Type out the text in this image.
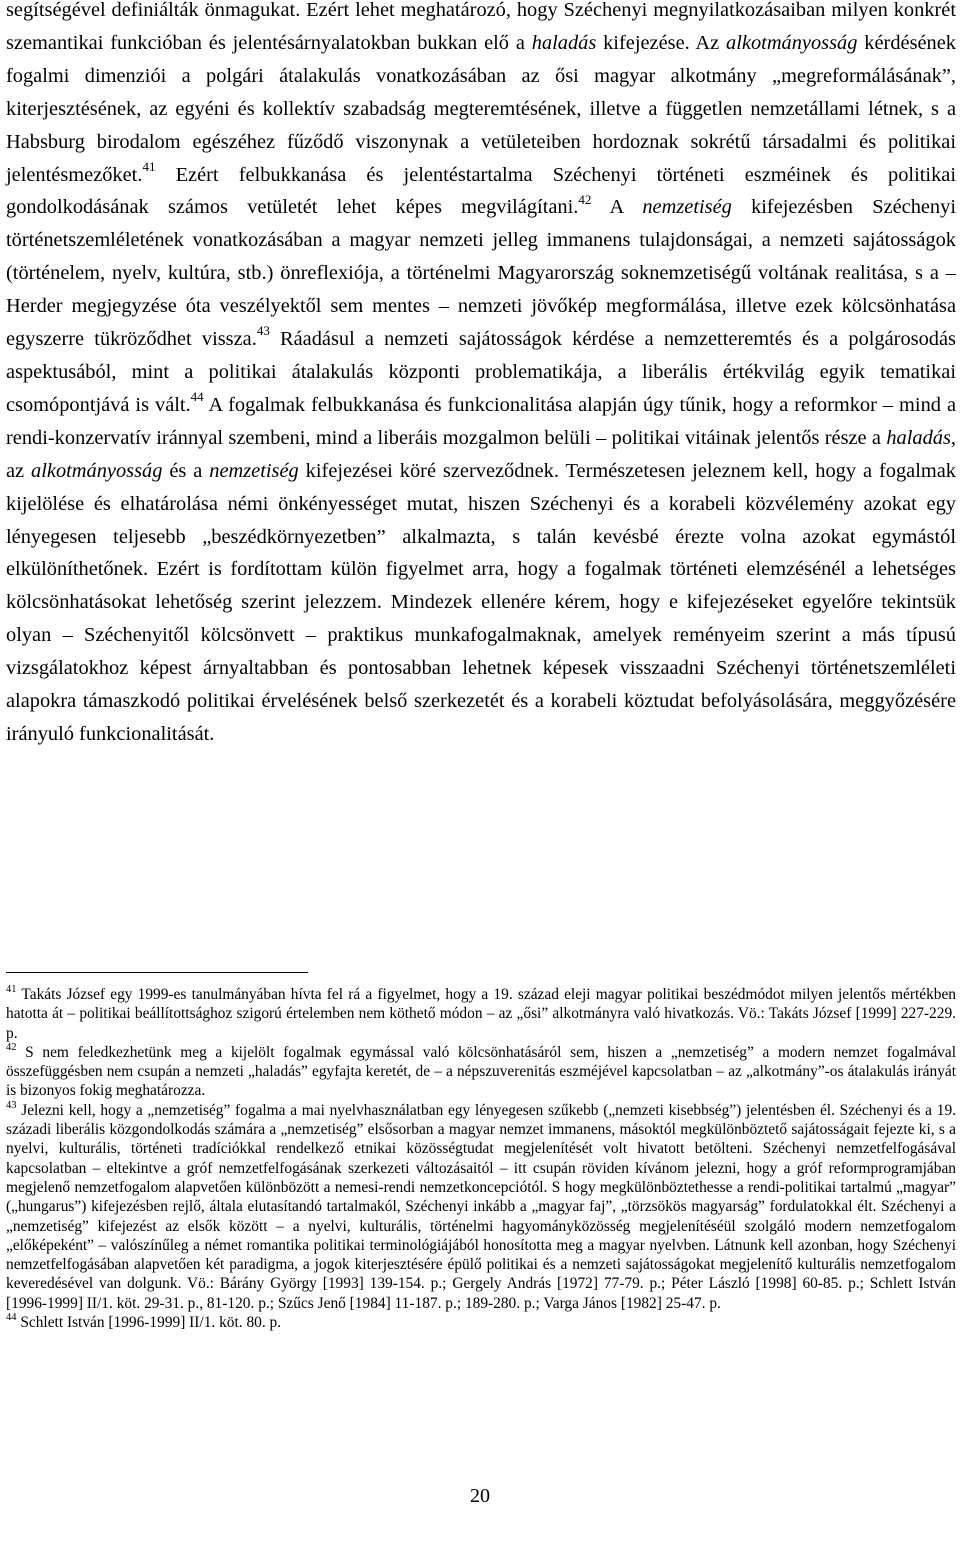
segítségével definiálták önmagukat. Ezért lehet meghatározó, hogy Széchenyi megnyilatkozásaiban milyen konkrét szemantikai funkcióban és jelentésárnyalatokban bukkan elő a haladás kifejezése. Az alkotmányosság kérdésének fogalmi dimenziói a polgári átalakulás vonatkozásában az ősi magyar alkotmány „megreformálásának”, kiterjesztésének, az egyéni és kollektív szabadság megteremtésének, illetve a független nemzetállami létnek, s a Habsburg birodalom egészéhez fűződő viszonynak a vetületeiben hordoznak sokrétű társadalmi és politikai jelentésmezőket.$^{41}$ Ezért felbukkanása és jelentéstartalma Széchenyi történeti eszméinek és politikai gondolkodásának számos vetületét lehet képes megvilágítani.$^{42}$ A nemzetiség kifejezésben Széchenyi történetszemléletének vonatkozásában a magyar nemzeti jelleg immanens tulajdonságai, a nemzeti sajátosságok (történelem, nyelv, kultúra, stb.) önreflexiója, a történelmi Magyarország soknemzetiségű voltának realitása, s a – Herder megjegyzése óta veszélyektől sem mentes – nemzeti jövőkép megformálása, illetve ezek kölcsönhatása egyszerre tükröződhet vissza.$^{43}$ Ráadásul a nemzeti sajátosságok kérdése a nemzetteremtés és a polgárosodás aspektusából, mint a politikai átalakulás központi problematikája, a liberális értékvilág egyik tematikai csomópontjává is vált.$^{44}$ A fogalmak felbukkanása és funkcionalitása alapján úgy tűnik, hogy a reformkor – mind a rendi-konzervatív iránnyal szembeni, mind a liberáis mozgalmon belüli – politikai vitáinak jelentős része a haladás, az alkotmányosság és a nemzetiség kifejezései köré szerveződnek. Természetesen jeleznem kell, hogy a fogalmak kijelölése és elhatárolása némi önkényességet mutat, hiszen Széchenyi és a korabeli közvélemény azokat egy lényegesen teljesebb „beszédkörnyezetben” alkalmazta, s talán kevésbé érezte volna azokat egymástól elkülöníthetőnek. Ezért is fordítottam külön figyelmet arra, hogy a fogalmak történeti elemzésénél a lehetséges kölcsönhatásokat lehetőség szerint jelezzem. Mindezek ellenére kérem, hogy e kifejezéseket egyelőre tekintsük olyan – Széchenyitől kölcsönvett – praktikus munkafogalmaknak, amelyek reményeim szerint a más típusú vizsgálatokhoz képest árnyaltabban és pontosabban lehetnek képesek visszaadni Széchenyi történetszemléleti alapokra támaszkodó politikai érvelésének belső szerkezetét és a korabeli köztudat befolyásolására, meggyőzésére irányuló funkcionalitását.

$^{41}$ Takáts József egy 1999-es tanulmányában hívta fel rá a figyelmet, hogy a 19. század eleji magyar politikai beszédmódot milyen jelentős mértékben hatotta át – politikai beállítottsághoz szigorú értelemben nem köthető módon – az „ősi” alkotmányra való hivatkozás. Vö.: Takáts József [1999] 227-229. p.

$^{42}$ S nem feledkezhetünk meg a kijelölt fogalmak egymással való kölcsönhatásáról sem, hiszen a „nemzetiség” a modern nemzet fogalmával összefüggésben nem csupán a nemzeti „haladás” egyfajta keretét, de – a népszuverenitás eszméjével kapcsolatban – az „alkotmány”-os átalakulás irányát is bizonyos fokig meghatározza.

$^{43}$ Jelezni kell, hogy a „nemzetiség” fogalma a mai nyelvhasználatban egy lényegesen szűkebb („nemzeti kisebbség”) jelentésben él. Széchenyi és a 19. századi liberális közgondolkodás számára a „nemzetiség” elsősorban a magyar nemzet immanens, másoktól megkülönböztető sajátosságait fejezte ki, s a nyelvi, kulturális, történeti tradíciókkal rendelkező etnikai közösségtudat megjelenítését volt hivatott betölteni. Széchenyi nemzetfelfogásával kapcsolatban – eltekintve a gróf nemzetfelfogásának szerkezeti változásaitól – itt csupán röviden kívánom jelezni, hogy a gróf reformprogramjában megjelenő nemzetfogalom alapvetően különbözött a nemesi-rendi nemzetkoncepciótól. S hogy megkülönböztethesse a rendi-politikai tartalmú „magyar” („hungarus”) kifejezésben rejlő, általa elutasítandó tartalmakól, Széchenyi inkább a „magyar faj”, „törzsökös magyarság” fordulatokkal élt. Széchenyi a „nemzetiség” kifejezést az elsők között – a nyelvi, kulturális, történelmi hagyományközösség megjelenítéséül szolgáló modern nemzetfogalom „előképeként” – valószínűleg a német romantika politikai terminológiájából honosította meg a magyar nyelvben. Látnunk kell azonban, hogy Széchenyi nemzetfelfogásában alapvetően két paradigma, a jogok kiterjesztésére épülő politikai és a nemzeti sajátosságokat megjelenítő kulturális nemzetfogalom keveredésével van dolgunk. Vö.: Bárány György [1993] 139-154. p.; Gergely András [1972] 77-79. p.; Péter László [1998] 60-85. p.; Schlett István [1996-1999] II/1. köt. 29-31. p., 81-120. p.; Szűcs Jenő [1984] 11-187. p.; 189-280. p.; Varga János [1982] 25-47. p.

$^{44}$ Schlett István [1996-1999] II/1. köt. 80. p.

20
